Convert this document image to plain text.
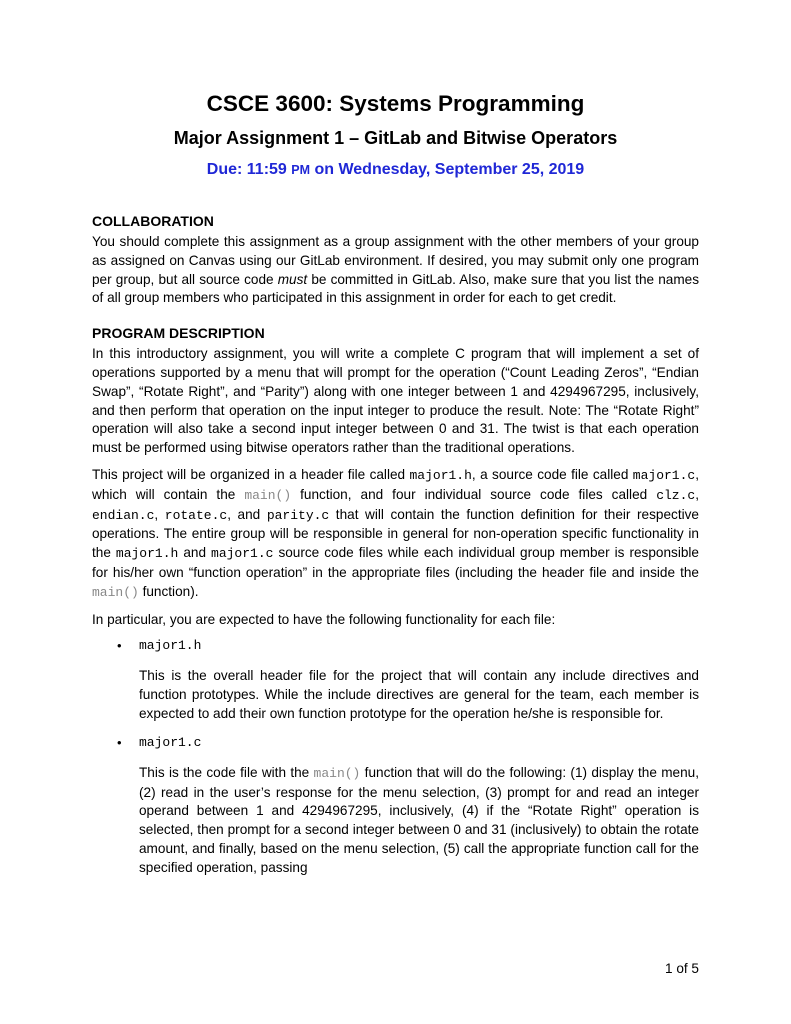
CSCE 3600: Systems Programming
Major Assignment 1 – GitLab and Bitwise Operators
Due: 11:59 PM on Wednesday, September 25, 2019
COLLABORATION

You should complete this assignment as a group assignment with the other members of your group as assigned on Canvas using our GitLab environment. If desired, you may submit only one program per group, but all source code must be committed in GitLab. Also, make sure that you list the names of all group members who participated in this assignment in order for each to get credit.

PROGRAM DESCRIPTION

In this introductory assignment, you will write a complete C program that will implement a set of operations supported by a menu that will prompt for the operation (“Count Leading Zeros”, “Endian Swap”, “Rotate Right”, and “Parity”) along with one integer between 1 and 4294967295, inclusively, and then perform that operation on the input integer to produce the result. Note: The “Rotate Right” operation will also take a second input integer between 0 and 31. The twist is that each operation must be performed using bitwise operators rather than the traditional operations.

This project will be organized in a header file called major1.h, a source code file called major1.c, which will contain the main() function, and four individual source code files called clz.c, endian.c, rotate.c, and parity.c that will contain the function definition for their respective operations. The entire group will be responsible in general for non-operation specific functionality in the major1.h and major1.c source code files while each individual group member is responsible for his/her own “function operation” in the appropriate files (including the header file and inside the main() function).

In particular, you are expected to have the following functionality for each file:

• major1.h

This is the overall header file for the project that will contain any include directives and function prototypes. While the include directives are general for the team, each member is expected to add their own function prototype for the operation he/she is responsible for.

• major1.c

This is the code file with the main() function that will do the following: (1) display the menu, (2) read in the user’s response for the menu selection, (3) prompt for and read an integer operand between 1 and 4294967295, inclusively, (4) if the “Rotate Right” operation is selected, then prompt for a second integer between 0 and 31 (inclusively) to obtain the rotate amount, and finally, based on the menu selection, (5) call the appropriate function call for the specified operation, passing

1 of 5
